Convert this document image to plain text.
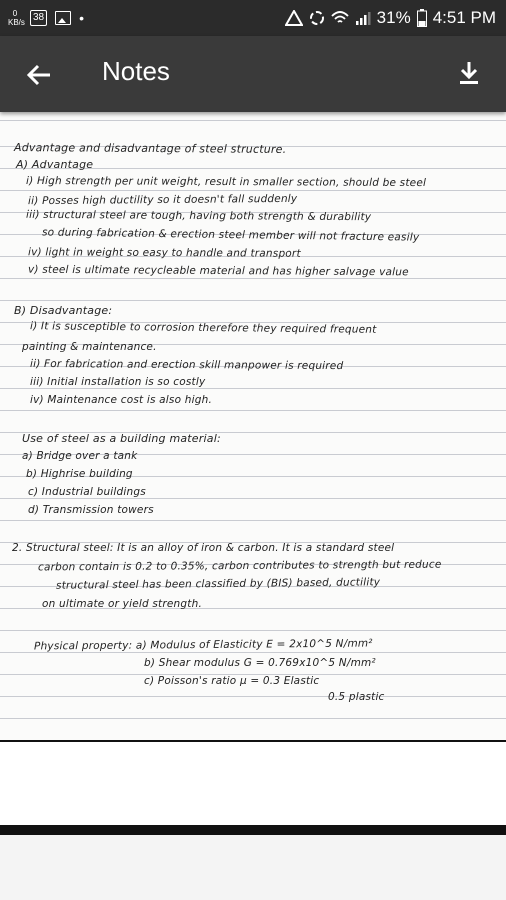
0 KB/s 38	•	31% 4:51 PM
Notes
Advantage and disadvantage of steel structure.
A) Advantage
i) High strength per unit weight, result in smaller section, should be steel
ii) Posses high ductility so it doesn't fall suddenly
iii) structural steel are tough, having both strength & durability
so during fabrication & erection steel member will not fracture easily
iv) light in weight so easy to handle and transport
v) steel is ultimate recycleable material and has higher salvage value
B) Disadvantage:
i) It is susceptible to corrosion therefore they required frequent
painting & maintenance.
ii) For fabrication and erection skill manpower is required
iii) Initial installation is so costly
iv) Maintenance cost is also high.
Use of steel as a building material:
a) Bridge over a tank
b) Highrise building
c) Industrial buildings
d) Transmission towers
2. Structural steel: It is an alloy of iron & carbon. It is a standard steel
carbon contain is 0.2 to 0.35%, carbon contributes to strength but reduce
structural steel has been classified by (BIS) based, ductility
on ultimate or yield strength.
Physical property: a) Modulus of Elasticity E = 2x10^5 N/mm²
b) Shear modulus G = 0.769x10^5 N/mm²
c) Poisson's ratio μ = 0.3 Elastic
0.5 plastic
